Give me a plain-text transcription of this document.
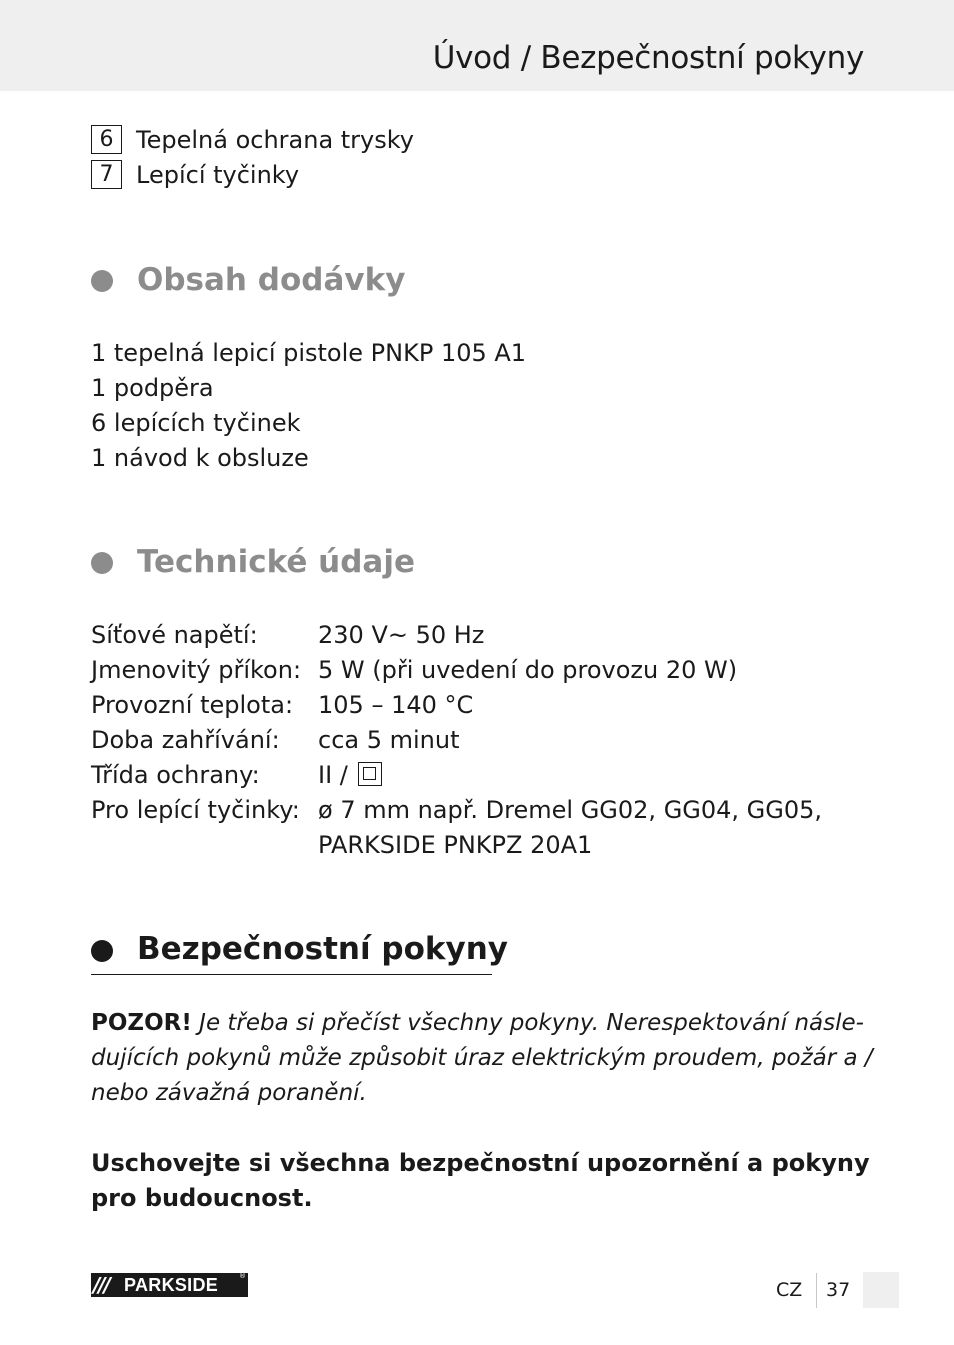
Úvod / Bezpečnostní pokyny
6 Tepelná ochrana trysky
7 Lepící tyčinky
Obsah dodávky
1 tepelná lepicí pistole PNKP 105 A1
1 podpěra
6 lepících tyčinek
1 návod k obsluze
Technické údaje
Síťové napětí:	230 V~ 50 Hz
Jmenovitý příkon: 5 W (při uvedení do provozu 20 W)
Provozní teplota: 105 – 140 °C
Doba zahřívání: cca 5 minut
Třída ochrany: II /
Pro lepící tyčinky: ø 7 mm např. Dremel GG02, GG04, GG05,
PARKSIDE PNKPZ 20A1
Bezpečnostní pokyny
POZOR! Je třeba si přečíst všechny pokyny. Nerespektování násle-
dujících pokynů může způsobit úraz elektrickým proudem, požár a /
nebo závažná poranění.
Uschovejte si všechna bezpečnostní upozornění a pokyny
pro budoucnost.
/// PARKSIDE	®
CZ 37
